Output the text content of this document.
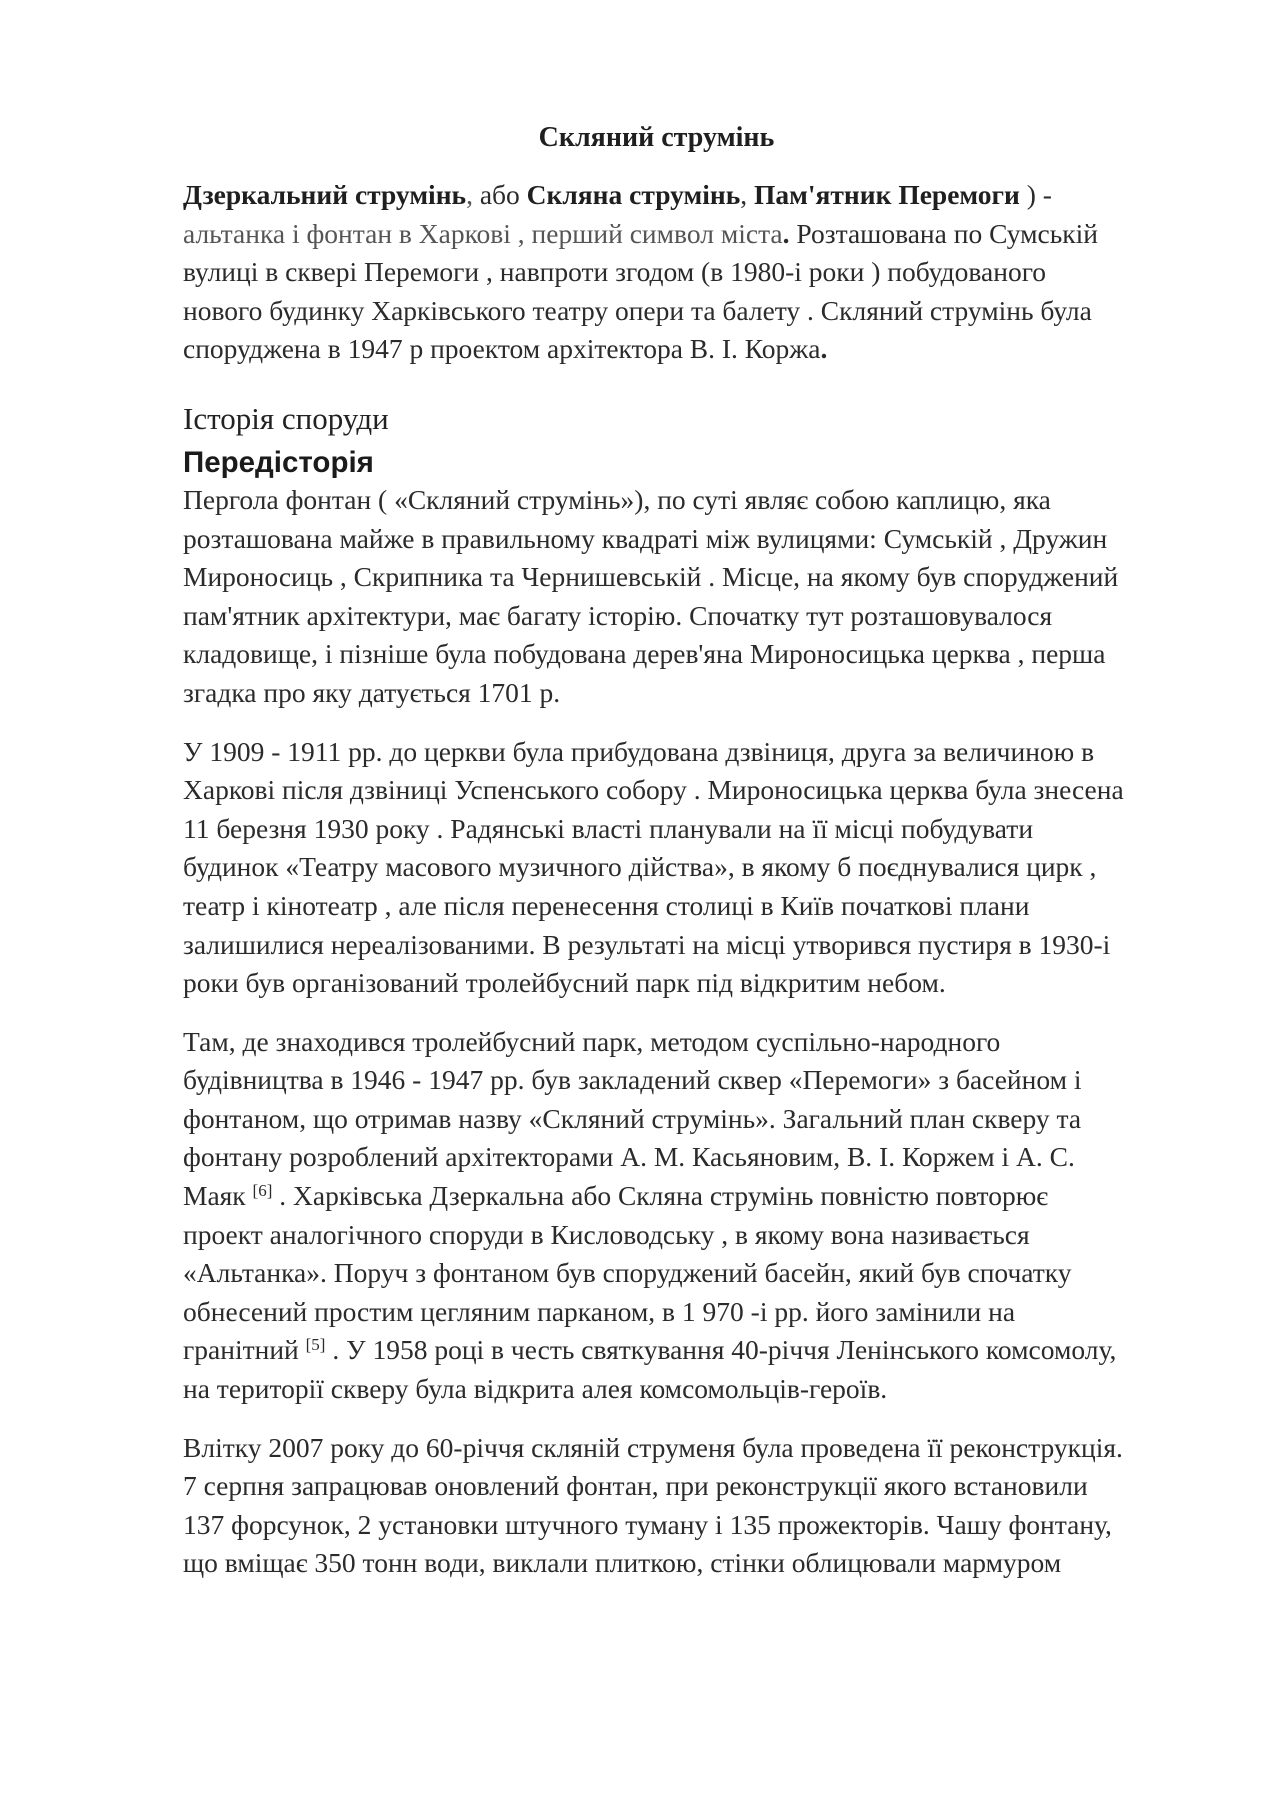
Скляний струмінь

Дзеркальний струмінь, або Скляна струмінь, Пам'ятник Перемоги ) -
альтанка і фонтан в Харкові , перший символ міста. Розташована по Сумській вулиці в сквері Перемоги , навпроти згодом (в 1980-і роки ) побудованого нового будинку Харківського театру опери та балету . Скляний струмінь була споруджена в 1947 р проектом архітектора В. І. Коржа.

Історія споруди
Передісторія

Пергола фонтан ( «Скляний струмінь»), по суті являє собою каплицю, яка розташована майже в правильному квадраті між вулицями: Сумській , Дружин Мироносиць , Скрипника та Чернишевській . Місце, на якому був споруджений пам'ятник архітектури, має багату історію. Спочатку тут розташовувалося кладовище, і пізніше була побудована дерев'яна Мироносицька церква , перша згадка про яку датується 1701 р.

У 1909 - 1911 рр. до церкви була прибудована дзвіниця, друга за величиною в Харкові після дзвіниці Успенського собору . Мироносицька церква була знесена 11 березня 1930 року . Радянські власті планували на її місці побудувати будинок «Театру масового музичного дійства», в якому б поєднувалися цирк , театр і кінотеатр , але після перенесення столиці в Київ початкові плани залишилися нереалізованими. В результаті на місці утворився пустиря в 1930-і роки був організований тролейбусний парк під відкритим небом.

Там, де знаходився тролейбусний парк, методом суспільно-народного будівництва в 1946 - 1947 рр. був закладений сквер «Перемоги» з басейном і фонтаном, що отримав назву «Скляний струмінь». Загальний план скверу та фонтану розроблений архітекторами А. М. Касьяновим, В. І. Коржем і А. С. Маяк [6] . Харківська Дзеркальна або Скляна струмінь повністю повторює проект аналогічного споруди в Кисловодську , в якому вона називається «Альтанка». Поруч з фонтаном був споруджений басейн, який був спочатку обнесений простим цегляним парканом, в 1 970 -і рр. його замінили на гранітний [5] . У 1958 році в честь святкування 40-річчя Ленінського комсомолу, на території скверу була відкрита алея комсомольців-героїв.

Влітку 2007 року до 60-річчя скляній струменя була проведена її реконструкція. 7 серпня запрацював оновлений фонтан, при реконструкції якого встановили 137 форсунок, 2 установки штучного туману і 135 прожекторів. Чашу фонтану, що вміщає 350 тонн води, виклали плиткою, стінки облицювали мармуром
